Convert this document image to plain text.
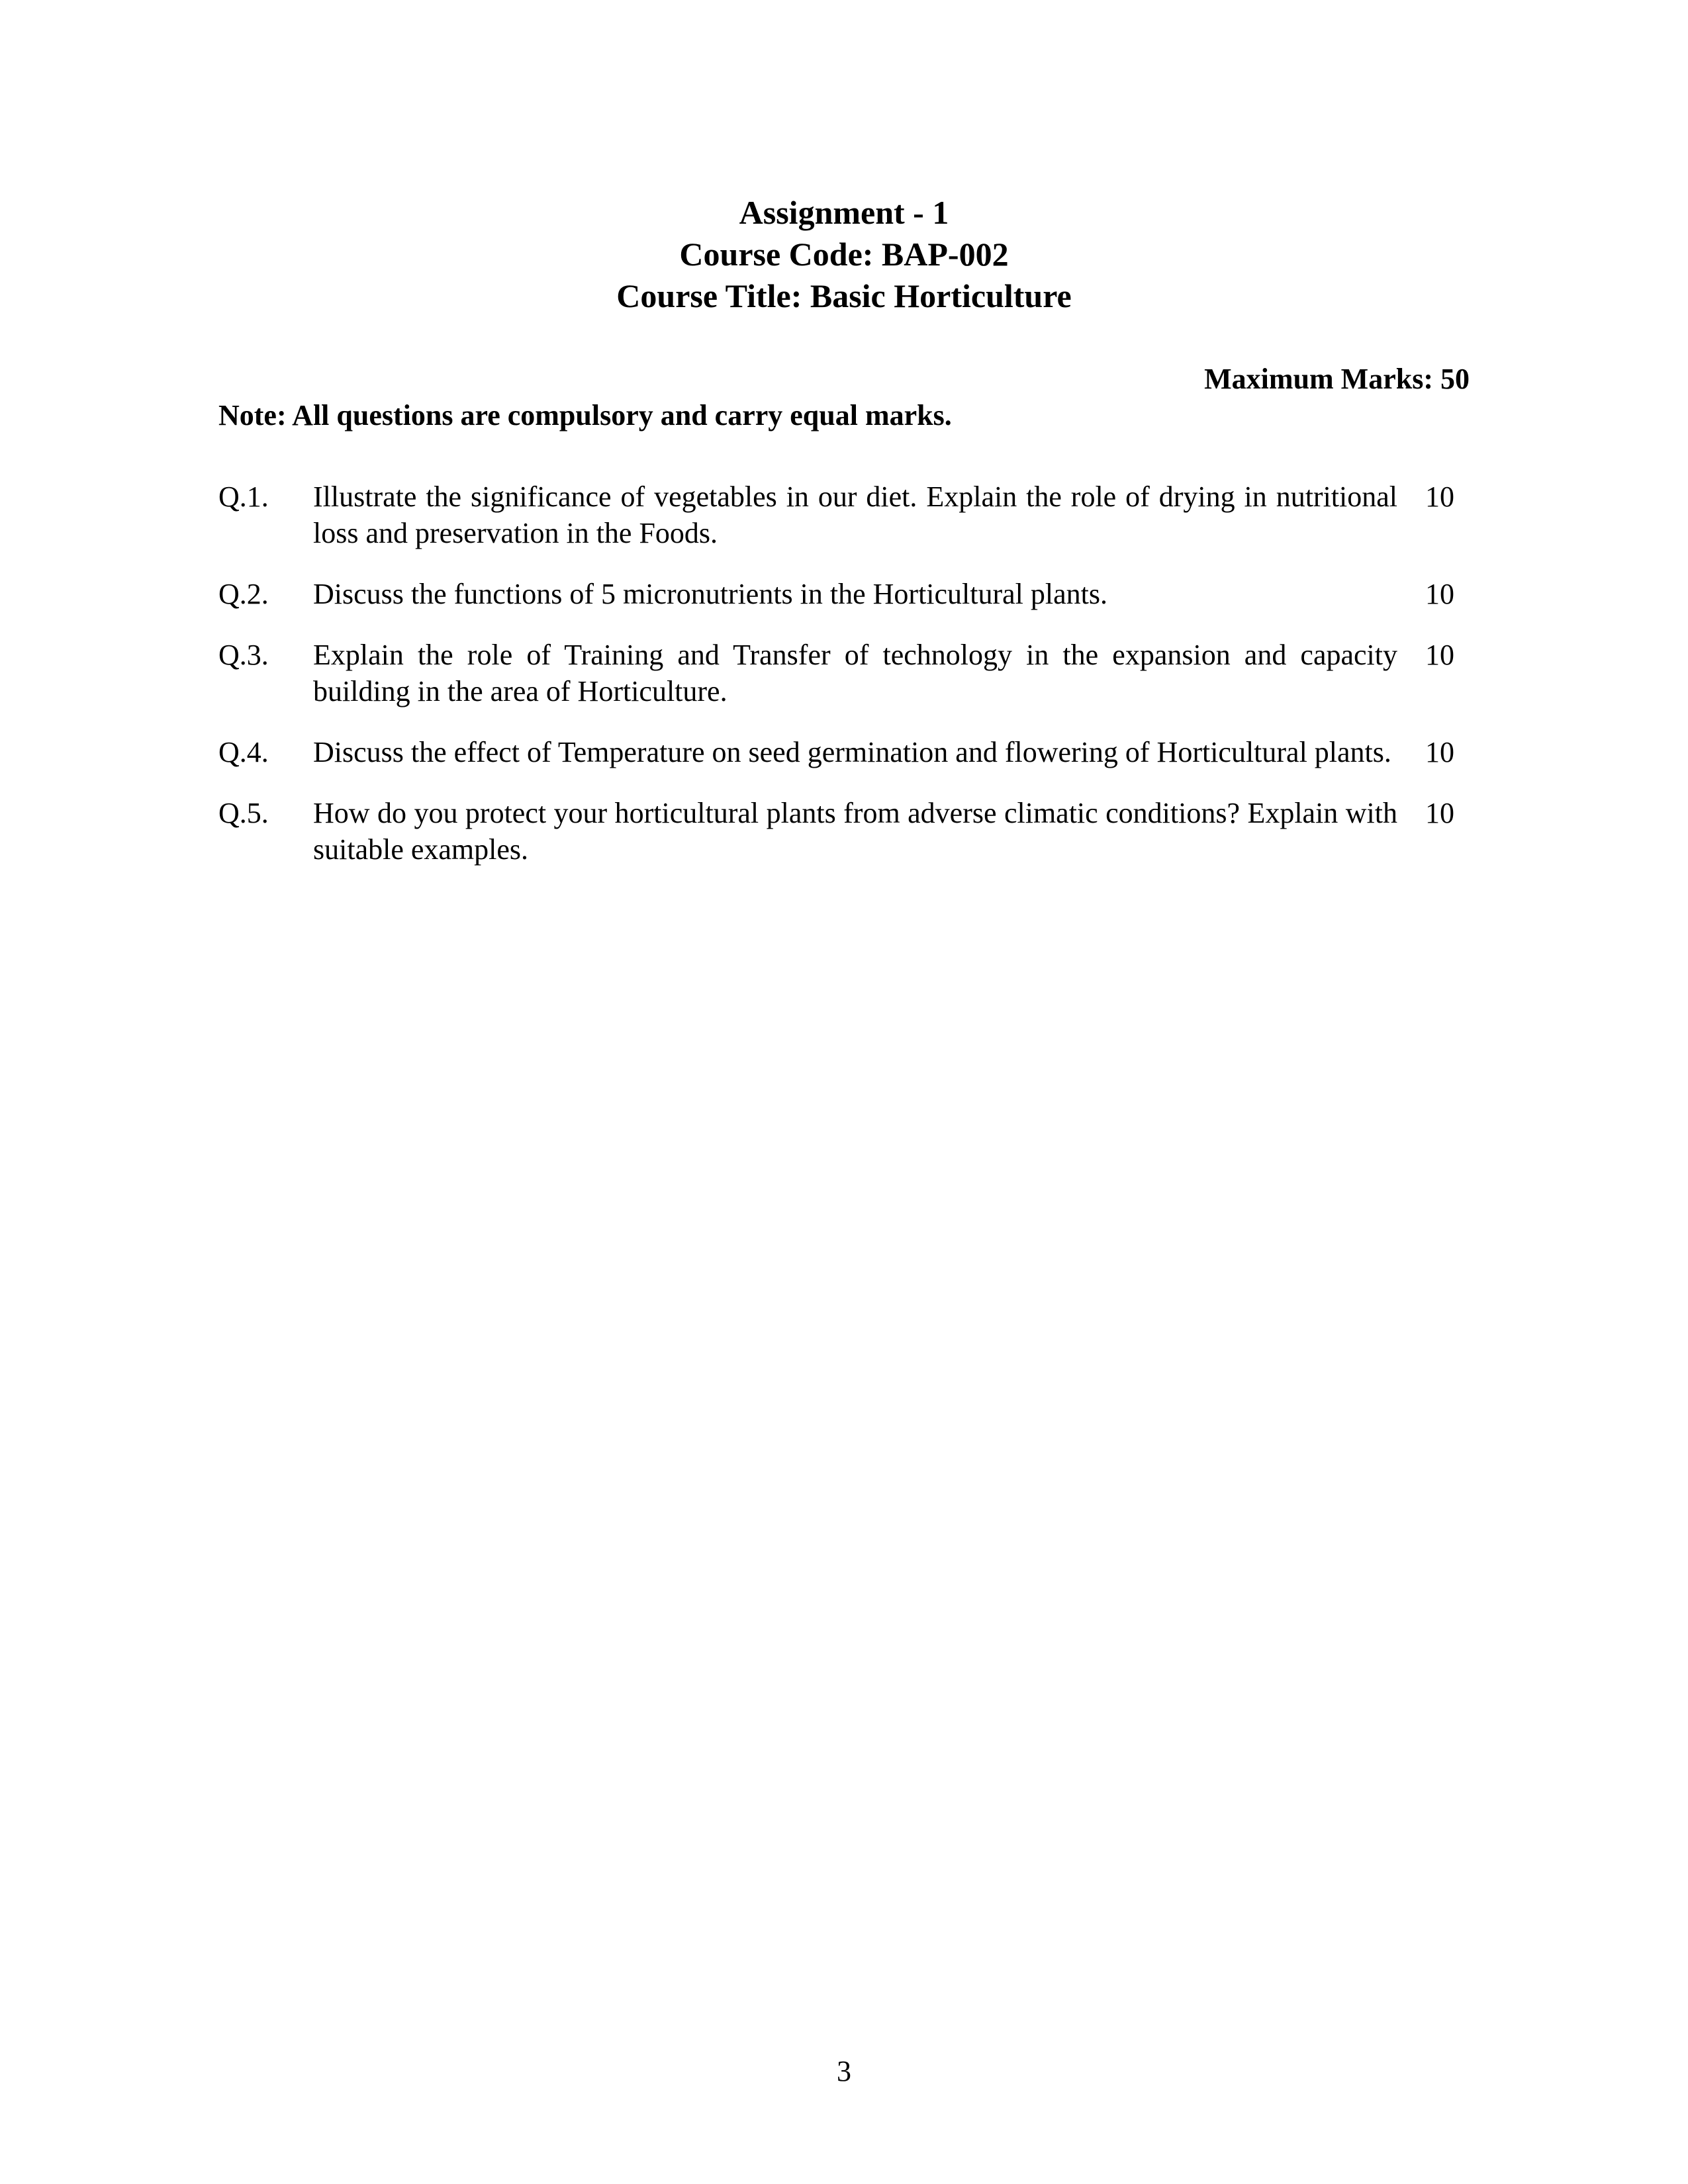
Assignment - 1
Course Code: BAP-002
Course Title: Basic Horticulture
Maximum Marks: 50
Note: All questions are compulsory and carry equal marks.
Q.1.	Illustrate the significance of vegetables in our diet. Explain the role of drying in nutritional loss and preservation in the Foods.
10
Q.2.	Discuss the functions of 5 micronutrients in the Horticultural plants.	10
Q.3.	Explain the role of Training and Transfer of technology in the expansion and capacity building in the area of Horticulture.
10
Q.4.	Discuss the effect of Temperature on seed germination and flowering of Horticultural plants. 10
Q.5.	How do you protect your horticultural plants from adverse climatic conditions? Explain with suitable examples.
10
3
